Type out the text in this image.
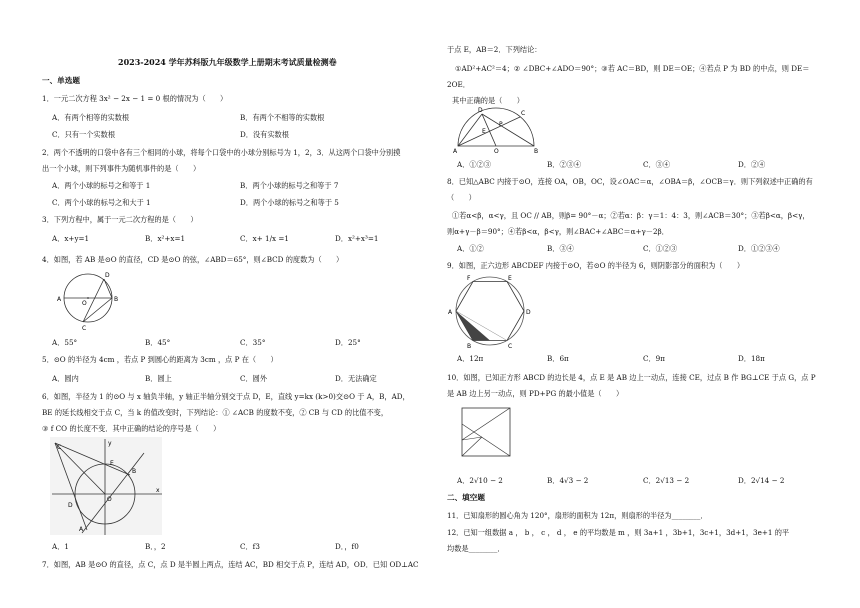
2023-2024 学年苏科版九年级数学上册期末考试质量检测卷
一、单选题
1．一元二次方程 3x² − 2x − 1 = 0 根的情况为（　　）
A．有两个相等的实数根	B．有两个不相等的实数根
C．只有一个实数根	D．没有实数根
2．两个不透明的口袋中各有三个相同的小球，将每个口袋中的小球分别标号为 1，2，3．从这两个口袋中分别摸
出一个小球，则下列事件为随机事件的是（　　）
A．两个小球的标号之和等于 1	B．两个小球的标号之和等于 7
C．两个小球的标号之和大于 1	D．两个小球的标号之和等于 5
3．下列方程中，属于一元二次方程的是（　　）
A．x+y=1	B．x²+x=1	C．x+ 1/x =1	D．x²+x³=1
4．如图，若 AB 是⊙O 的直径，CD 是⊙O 的弦，∠ABD＝65°，则∠BCD 的度数为（　　）
A
O
B
D
C
A．55°	B．45°	C．35°	D．25°
5．⊙O 的半径为 4cm ，若点 P 到圆心的距离为 3cm ，点 P 在（　　）
A．圆内	B．圆上	C．圆外	D．无法确定
6．如图，半径为 1 的⊙O 与 x 轴负半轴，y 轴正半轴分别交于点 D，E，直线 y=kx (k>0)交⊙O 于 A，B，AD，
BE 的延长线相交于点 C，当 k 的值改变时，下列结论：① ∠ACB 的度数不变，② CB 与 CD 的比值不变，
③ f CO 的长度不变．其中正确的结论的序号是（　　）
C
E
B
O
D
A
x
y
A．1	B．，2	C．f3	D．，f0
7．如图，AB 是⊙O 的直径，点 C，点 D 是半圆上两点，连结 AC，BD 相交于点 P，连结 AD，OD．已知 OD⊥AC
于点 E，AB＝2．下列结论：
①AD²+AC²＝4；② ∠DBC+∠ADO＝90°；③若 AC＝BD，则 DE＝OE；④若点 P 为 BD 的中点，则 DE＝
2OE．
其中正确的是（　　）
D	C
E
P
A	O	B
A．①②③	B．②③④	C．③④	D．②④
8．已知△ABC 内接于⊙O，连接 OA，OB，OC，设∠OAC＝α，∠OBA＝β，∠OCB＝γ．则下列叙述中正确的有
（　　）
①若α<β，α<γ，且 OC // AB，则β= 90°－α；②若α：β：γ＝1：4：3，则∠ACB＝30°；③若β<α，β<γ，
则α+γ－β＝90°；④若β<α，β<γ，则∠BAC+∠ABC＝α+γ－2β．
A．①②	B．③④	C．①②③	D．①②③④
9．如图，正六边形 ABCDEF 内接于⊙O，若⊙O 的半径为 6，则阴影部分的面积为（　　）
A
B	C
D
E
F
A．12π	B．6π	C．9π	D．18π
10．如图，已知正方形 ABCD 的边长是 4，点 E 是 AB 边上一动点，连接 CE，过点 B 作 BG⊥CE 于点 G，点 P
是 AB 边上另一动点，则 PD+PG 的最小值是（　　）
A．2√10 − 2	B．4√3 − 2	C．2√13 − 2	D．2√14 − 2
二、填空题
11．已知扇形的圆心角为 120°，扇形的面积为 12π，则扇形的半径为________．
12．已知一组数据 a ， b ， c ， d ， e 的平均数是 m ，则 3a+1 ，3b+1，3c+1，3d+1，3e+1 的平
均数是________．
